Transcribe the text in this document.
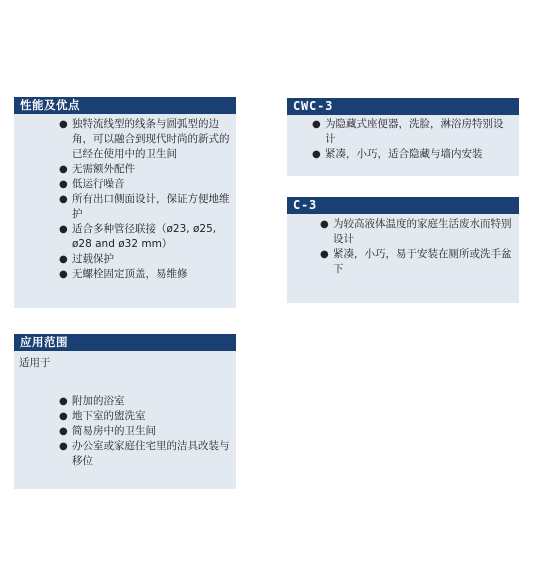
性能及优点
● 独特流线型的线条与圆弧型的边角，可以融合到现代时尚的新式的已经在使用中的卫生间
● 无需额外配件
● 低运行噪音
● 所有出口侧面设计，保证方便地维护
● 适合多种管径联接（ø23, ø25, ø28 and ø32 mm）
● 过载保护
● 无螺栓固定顶盖，易维修
CWC-3
● 为隐藏式座便器，洗脸，淋浴房特别设计
● 紧凑，小巧，适合隐藏与墙内安装
C-3
● 为较高液体温度的家庭生活废水而特别设计
● 紧凑，小巧，易于安装在厕所或洗手盆下
应用范围
适用于
● 附加的浴室
● 地下室的盥洗室
● 简易房中的卫生间
● 办公室或家庭住宅里的洁具改装与移位
